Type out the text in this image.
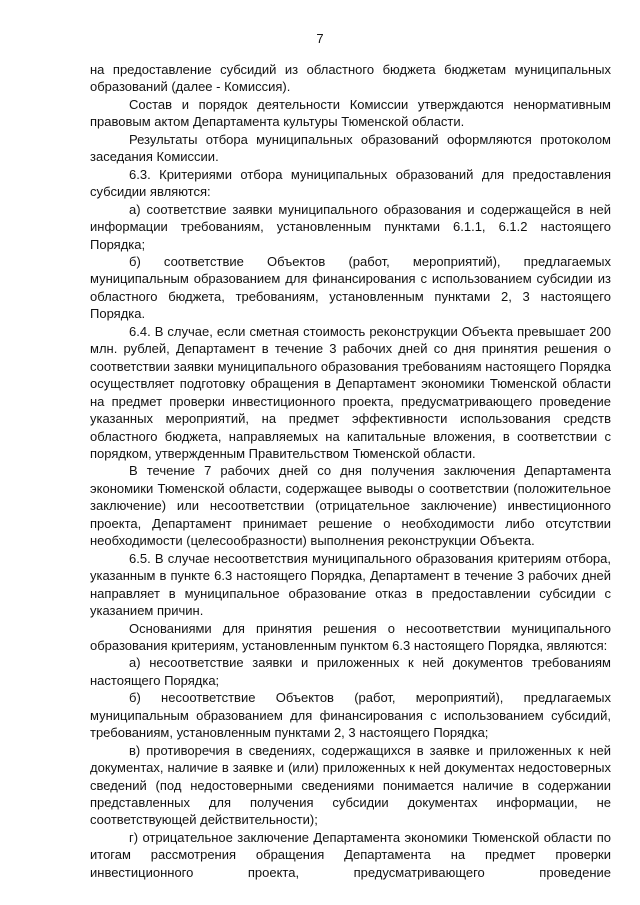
7

на предоставление субсидий из областного бюджета бюджетам муниципальных образований (далее - Комиссия).

Состав и порядок деятельности Комиссии утверждаются ненормативным правовым актом Департамента культуры Тюменской области.

Результаты отбора муниципальных образований оформляются протоколом заседания Комиссии.

6.3. Критериями отбора муниципальных образований для предоставления субсидии являются:

а) соответствие заявки муниципального образования и содержащейся в ней информации требованиям, установленным пунктами 6.1.1, 6.1.2 настоящего Порядка;

б) соответствие Объектов (работ, мероприятий), предлагаемых муниципальным образованием для финансирования с использованием субсидии из областного бюджета, требованиям, установленным пунктами 2, 3 настоящего Порядка.

6.4. В случае, если сметная стоимость реконструкции Объекта превышает 200 млн. рублей, Департамент в течение 3 рабочих дней со дня принятия решения о соответствии заявки муниципального образования требованиям настоящего Порядка осуществляет подготовку обращения в Департамент экономики Тюменской области на предмет проверки инвестиционного проекта, предусматривающего проведение указанных мероприятий, на предмет эффективности использования средств областного бюджета, направляемых на капитальные вложения, в соответствии с порядком, утвержденным Правительством Тюменской области.

В течение 7 рабочих дней со дня получения заключения Департамента экономики Тюменской области, содержащее выводы о соответствии (положительное заключение) или несоответствии (отрицательное заключение) инвестиционного проекта, Департамент принимает решение о необходимости либо отсутствии необходимости (целесообразности) выполнения реконструкции Объекта.

6.5. В случае несоответствия муниципального образования критериям отбора, указанным в пункте 6.3 настоящего Порядка, Департамент в течение 3 рабочих дней направляет в муниципальное образование отказ в предоставлении субсидии с указанием причин.

Основаниями для принятия решения о несоответствии муниципального образования критериям, установленным пунктом 6.3 настоящего Порядка, являются:

а) несоответствие заявки и приложенных к ней документов требованиям настоящего Порядка;

б) несоответствие Объектов (работ, мероприятий), предлагаемых муниципальным образованием для финансирования с использованием субсидий, требованиям, установленным пунктами 2, 3 настоящего Порядка;

в) противоречия в сведениях, содержащихся в заявке и приложенных к ней документах, наличие в заявке и (или) приложенных к ней документах недостоверных сведений (под недостоверными сведениями понимается наличие в содержании представленных для получения субсидии документах информации, не соответствующей действительности);

г) отрицательное заключение Департамента экономики Тюменской области по итогам рассмотрения обращения Департамента на предмет проверки инвестиционного проекта, предусматривающего проведение
